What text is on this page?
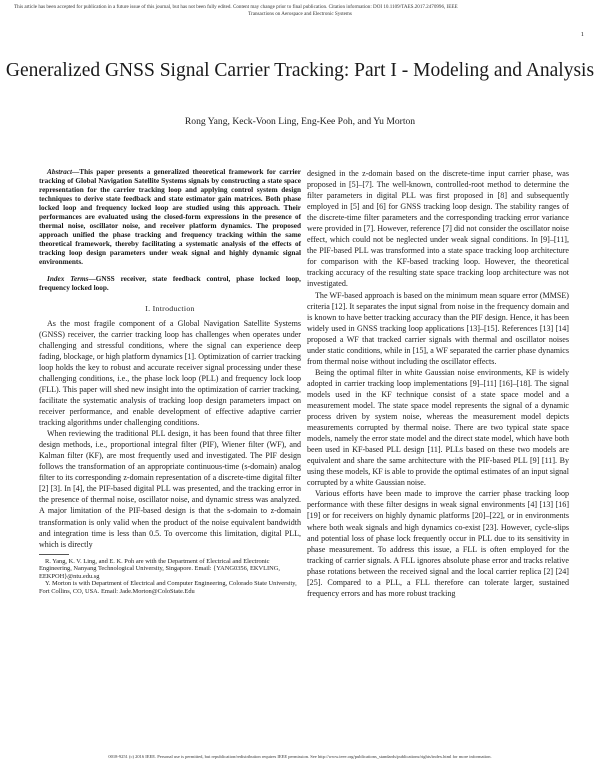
This article has been accepted for publication in a future issue of this journal, but has not been fully edited. Content may change prior to final publication. Citation information: DOI 10.1109/TAES.2017.2470996, IEEE
Transactions on Aerospace and Electronic Systems
1
Generalized GNSS Signal Carrier Tracking: Part I - Modeling and Analysis
Rong Yang, Keck-Voon Ling, Eng-Kee Poh, and Yu Morton

Abstract—This paper presents a generalized theoretical framework for carrier tracking of Global Navigation Satellite Systems signals by constructing a state space representation for the carrier tracking loop and applying control system design techniques to derive state feedback and state estimator gain matrices. Both phase locked loop and frequency locked loop are studied using this approach. Their performances are evaluated using the closed-form expressions in the presence of thermal noise, oscillator noise, and receiver platform dynamics. The proposed approach unified the phase tracking and frequency tracking within the same theoretical framework, thereby facilitating a systematic analysis of the effects of tracking loop design parameters under weak signal and highly dynamic signal environments.

Index Terms—GNSS receiver, state feedback control, phase locked loop, frequency locked loop.

I. Introduction

As the most fragile component of a Global Navigation Satellite Systems (GNSS) receiver, the carrier tracking loop has challenges when operates under challenging and stressful conditions, where the signal can experience deep fading, blockage, or high platform dynamics [1]. Optimization of carrier tracking loop holds the key to robust and accurate receiver signal processing under these challenging conditions, i.e., the phase lock loop (PLL) and frequency lock loop (FLL). This paper will shed new insight into the optimization of carrier tracking, facilitate the systematic analysis of tracking loop design parameters impact on receiver performance, and enable development of effective adaptive carrier tracking algorithms under challenging conditions.

When reviewing the traditional PLL design, it has been found that three filter design methods, i.e., proportional integral filter (PIF), Wiener filter (WF), and Kalman filter (KF), are most frequently used and investigated. The PIF design follows the transformation of an appropriate continuous-time (s-domain) analog filter to its corresponding z-domain representation of a discrete-time digital filter [2] [3]. In [4], the PIF-based digital PLL was presented, and the tracking error in the presence of thermal noise, oscillator noise, and dynamic stress was analyzed. A major limitation of the PIF-based design is that the s-domain to z-domain transformation is only valid when the product of the noise equivalent bandwidth and integration time is less than 0.5. To overcome this limitation, digital PLL, which is directly

R. Yang, K. V. Ling, and E. K. Poh are with the Department of Electrical and Electronic Engineering, Nanyang Technological University, Singapore. Email: {YANG0356, EKVLING, EEKPOH}@ntu.edu.sg

Y. Morton is with Department of Electrical and Computer Engineering, Colorado State University, Fort Collins, CO, USA. Email: Jade.Morton@ColoState.Edu

designed in the z-domain based on the discrete-time input carrier phase, was proposed in [5]–[7]. The well-known, controlled-root method to determine the filter parameters in digital PLL was first proposed in [8] and subsequently employed in [5] and [6] for GNSS tracking loop design. The stability ranges of the discrete-time filter parameters and the corresponding tracking error variance were provided in [7]. However, reference [7] did not consider the oscillator noise effect, which could not be neglected under weak signal conditions. In [9]–[11], the PIF-based PLL was transformed into a state space tracking loop architecture for comparison with the KF-based tracking loop. However, the theoretical tracking accuracy of the resulting state space tracking loop architecture was not investigated.

The WF-based approach is based on the minimum mean square error (MMSE) criteria [12]. It separates the input signal from noise in the frequency domain and is known to have better tracking accuracy than the PIF design. Hence, it has been widely used in GNSS tracking loop applications [13]–[15]. References [13] [14] proposed a WF that tracked carrier signals with thermal and oscillator noises under static conditions, while in [15], a WF separated the carrier phase dynamics from thermal noise without including the oscillator effects.

Being the optimal filter in white Gaussian noise environments, KF is widely adopted in carrier tracking loop implementations [9]–[11] [16]–[18]. The signal models used in the KF technique consist of a state space model and a measurement model. The state space model represents the signal of a dynamic process driven by system noise, whereas the measurement model depicts measurements corrupted by thermal noise. There are two typical state space models, namely the error state model and the direct state model, which have both been used in KF-based PLL design [11]. PLLs based on these two models are equivalent and share the same architecture with the PIF-based PLL [9] [11]. By using these models, KF is able to provide the optimal estimates of an input signal corrupted by a white Gaussian noise.

Various efforts have been made to improve the carrier phase tracking loop performance with these filter designs in weak signal environments [4] [13] [16] [19] or for receivers on highly dynamic platforms [20]–[22], or in environments where both weak signals and high dynamics co-exist [23]. However, cycle-slips and potential loss of phase lock frequently occur in PLL due to its sensitivity in phase measurement. To address this issue, a FLL is often employed for the tracking of carrier signals. A FLL ignores absolute phase error and tracks relative phase rotations between the received signal and the local carrier replica [2] [24] [25]. Compared to a PLL, a FLL therefore can tolerate larger, sustained frequency errors and has more robust tracking

0018-9251 (c) 2016 IEEE. Personal use is permitted, but republication/redistribution requires IEEE permission. See http://www.ieee.org/publications_standards/publications/rights/index.html for more information.
